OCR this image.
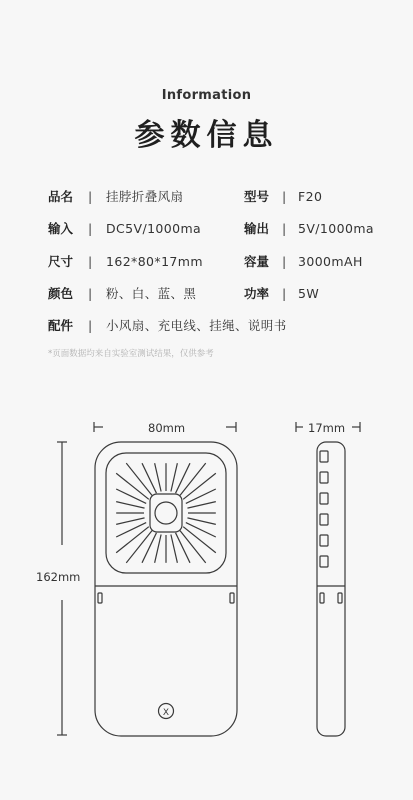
Information
参数信息
品名 | 挂脖折叠风扇	型号 | F20
输入 | DC5V/1000ma	输出 | 5V/1000ma
尺寸 | 162*80*17mm	容量 | 3000mAH
颜色 | 粉、白、蓝、黑	功率 | 5W
配件 | 小风扇、充电线、挂绳、说明书
*页面数据均来自实验室测试结果，仅供参考
80mm	17mm
162mm
X
